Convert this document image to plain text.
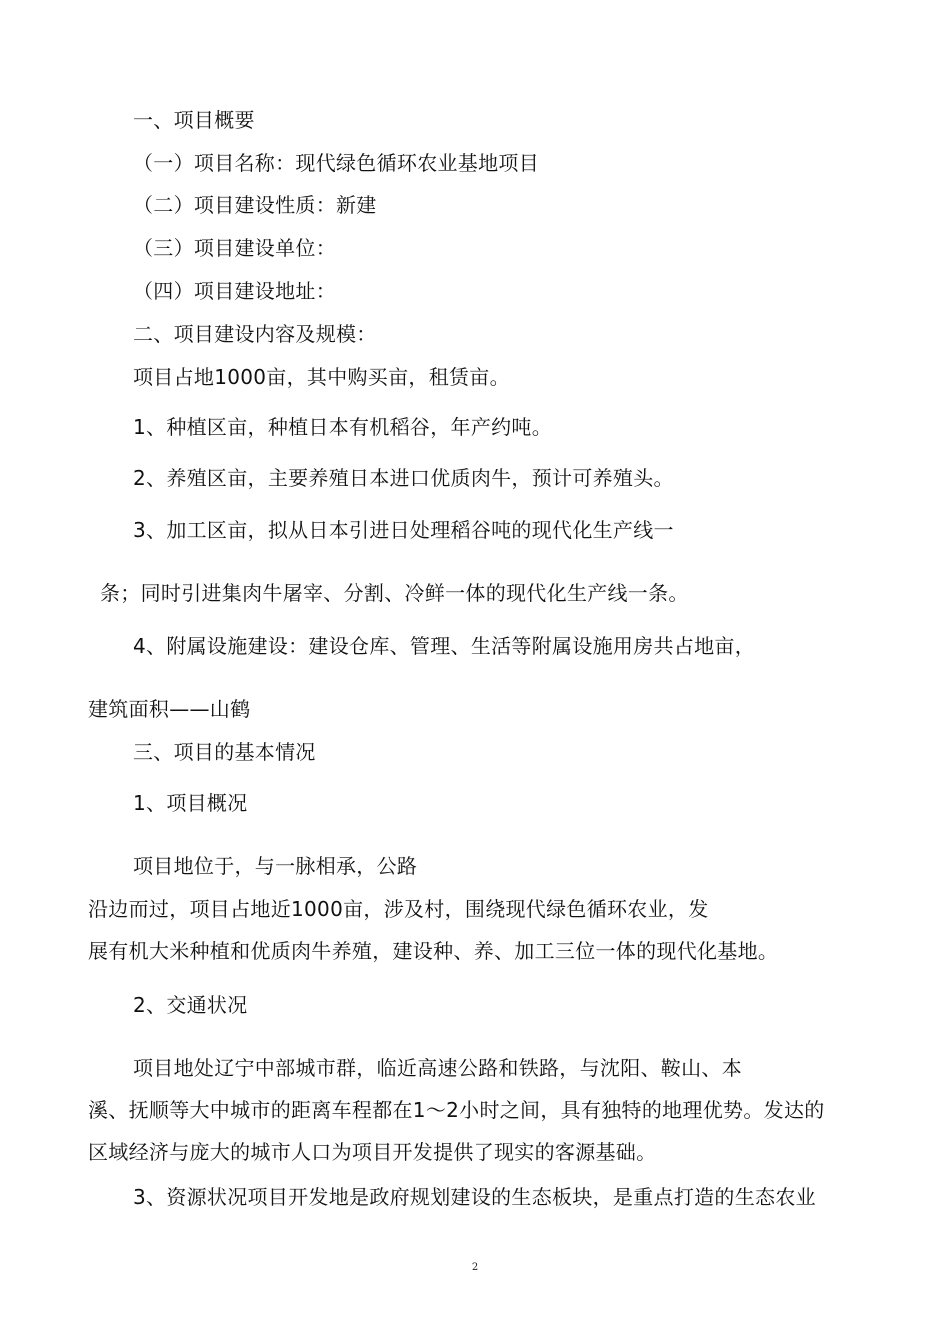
一、项目概要
（一）项目名称：现代绿色循环农业基地项目
（二）项目建设性质：新建
（三）项目建设单位：
（四）项目建设地址：
二、项目建设内容及规模：
项目占地1000亩，其中购买亩，租赁亩。
1、种植区亩，种植日本有机稻谷，年产约吨。
2、养殖区亩，主要养殖日本进口优质肉牛，预计可养殖头。
3、加工区亩，拟从日本引进日处理稻谷吨的现代化生产线一
条；同时引进集肉牛屠宰、分割、冷鲜一体的现代化生产线一条。
4、附属设施建设：建设仓库、管理、生活等附属设施用房共占地亩，
建筑面积——山鹤
三、项目的基本情况
1、项目概况
项目地位于，与一脉相承，公路
沿边而过，项目占地近1000亩，涉及村，围绕现代绿色循环农业，发
展有机大米种植和优质肉牛养殖，建设种、养、加工三位一体的现代化基地。
2、交通状况
项目地处辽宁中部城市群，临近高速公路和铁路，与沈阳、鞍山、本
溪、抚顺等大中城市的距离车程都在1〜2小时之间，具有独特的地理优势。发达的
区域经济与庞大的城市人口为项目开发提供了现实的客源基础。
3、资源状况项目开发地是政府规划建设的生态板块，是重点打造的生态农业
2
